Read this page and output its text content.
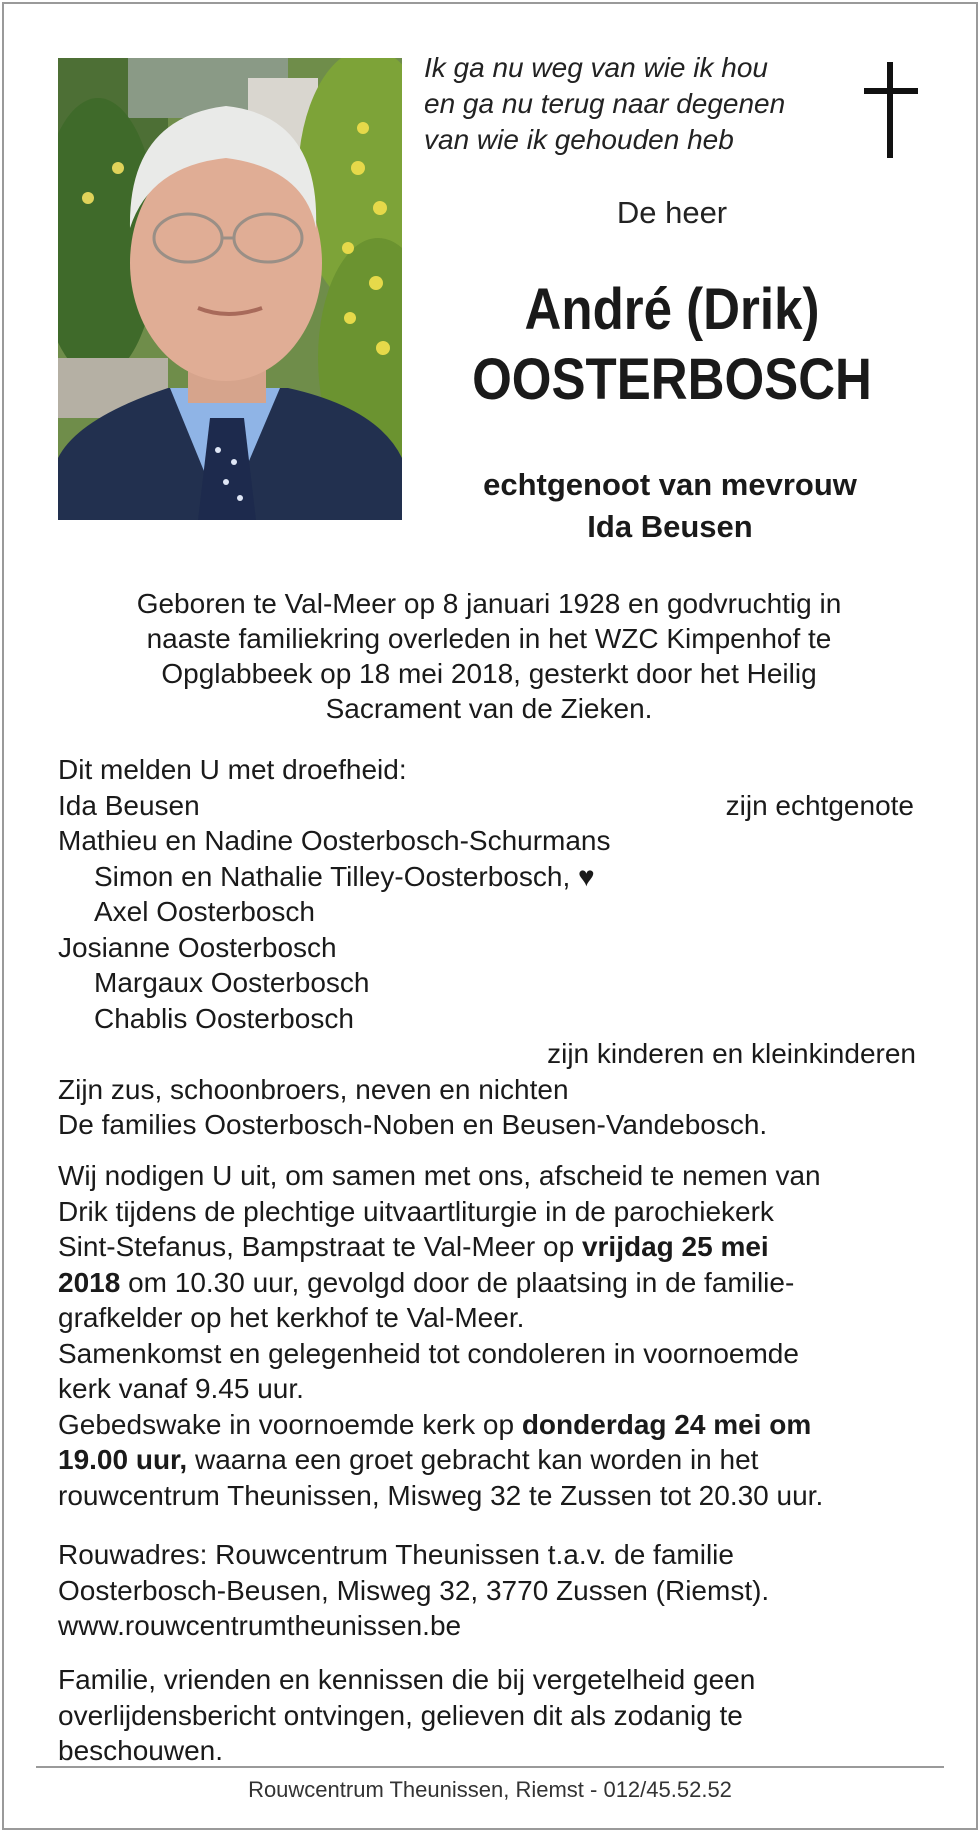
Ik ga nu weg van wie ik hou
en ga nu terug naar degenen
van wie ik gehouden heb
De heer
André (Drik)
OOSTERBOSCH
echtgenoot van mevrouw
Ida Beusen
Geboren te Val-Meer op 8 januari 1928 en godvruchtig in
naaste familiekring overleden in het WZC Kimpenhof te
Opglabbeek op 18 mei 2018, gesterkt door het Heilig
Sacrament van de Zieken.
Dit melden U met droefheid:
Ida Beusen	zijn echtgenote
Mathieu en Nadine Oosterbosch-Schurmans
Simon en Nathalie Tilley-Oosterbosch, ♥
Axel Oosterbosch
Josianne Oosterbosch
Margaux Oosterbosch
Chablis Oosterbosch
zijn kinderen en kleinkinderen
Zijn zus, schoonbroers, neven en nichten
De families Oosterbosch-Noben en Beusen-Vandebosch.
Wij nodigen U uit, om samen met ons, afscheid te nemen van
Drik tijdens de plechtige uitvaartliturgie in de parochiekerk
Sint-Stefanus, Bampstraat te Val-Meer op vrijdag 25 mei
2018 om 10.30 uur, gevolgd door de plaatsing in de familie-
grafkelder op het kerkhof te Val-Meer.
Samenkomst en gelegenheid tot condoleren in voornoemde
kerk vanaf 9.45 uur.
Gebedswake in voornoemde kerk op donderdag 24 mei om
19.00 uur, waarna een groet gebracht kan worden in het
rouwcentrum Theunissen, Misweg 32 te Zussen tot 20.30 uur.
Rouwadres: Rouwcentrum Theunissen t.a.v. de familie
Oosterbosch-Beusen, Misweg 32, 3770 Zussen (Riemst).
www.rouwcentrumtheunissen.be
Familie, vrienden en kennissen die bij vergetelheid geen
overlijdensbericht ontvingen, gelieven dit als zodanig te
beschouwen.
Rouwcentrum Theunissen, Riemst - 012/45.52.52
